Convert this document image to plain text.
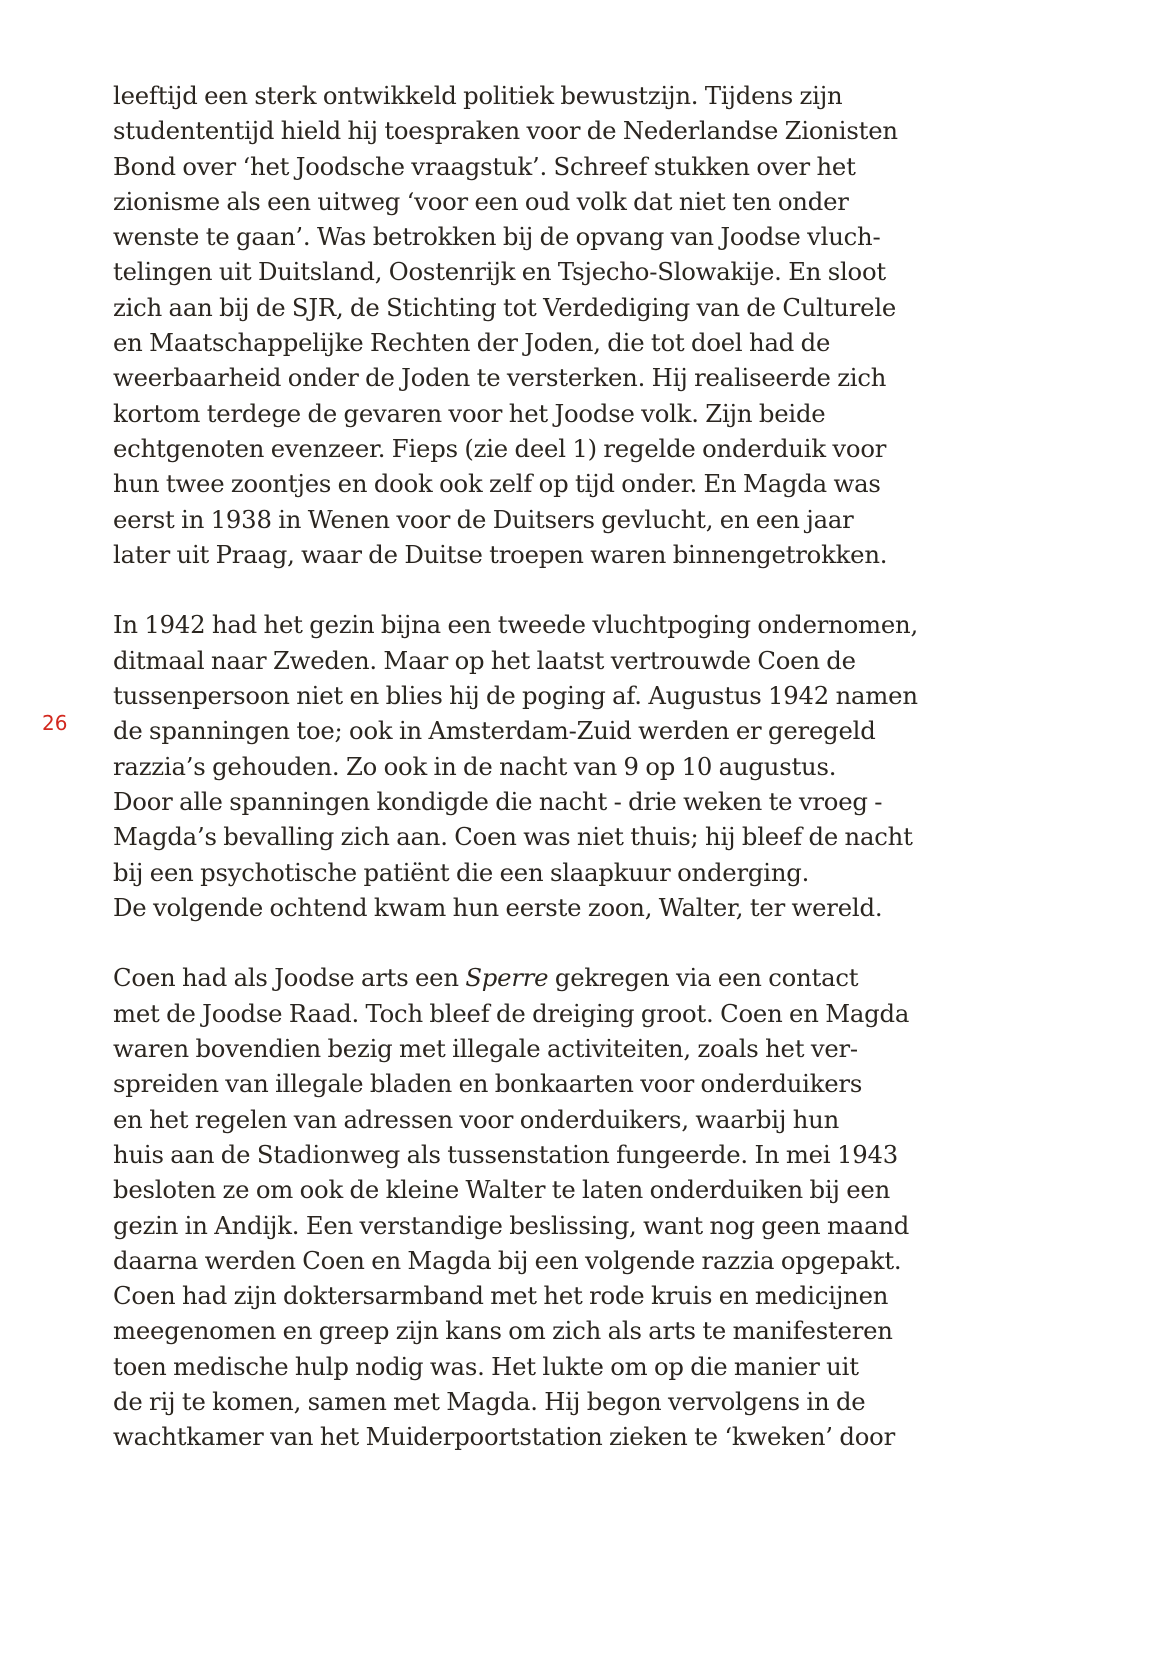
26
leeftijd een sterk ontwikkeld politiek bewustzijn. Tijdens zijn
studententijd hield hij toespraken voor de Nederlandse Zionisten
Bond over ‘het Joodsche vraagstuk’. Schreef stukken over het
zionisme als een uitweg ‘voor een oud volk dat niet ten onder
wenste te gaan’. Was betrokken bij de opvang van Joodse vluch-
telingen uit Duitsland, Oostenrijk en Tsjecho-Slowakije. En sloot
zich aan bij de SJR, de Stichting tot Verdediging van de Culturele
en Maatschappelijke Rechten der Joden, die tot doel had de
weerbaarheid onder de Joden te versterken. Hij realiseerde zich
kortom terdege de gevaren voor het Joodse volk. Zijn beide
echtgenoten evenzeer. Fieps (zie deel 1) regelde onderduik voor
hun twee zoontjes en dook ook zelf op tijd onder. En Magda was
eerst in 1938 in Wenen voor de Duitsers gevlucht, en een jaar
later uit Praag, waar de Duitse troepen waren binnengetrokken.
In 1942 had het gezin bijna een tweede vluchtpoging ondernomen,
ditmaal naar Zweden. Maar op het laatst vertrouwde Coen de
tussenpersoon niet en blies hij de poging af. Augustus 1942 namen
de spanningen toe; ook in Amsterdam-Zuid werden er geregeld
razzia’s gehouden. Zo ook in de nacht van 9 op 10 augustus.
Door alle spanningen kondigde die nacht - drie weken te vroeg -
Magda’s bevalling zich aan. Coen was niet thuis; hij bleef de nacht
bij een psychotische patiënt die een slaapkuur onderging.
De volgende ochtend kwam hun eerste zoon, Walter, ter wereld.
Coen had als Joodse arts een Sperre gekregen via een contact
met de Joodse Raad. Toch bleef de dreiging groot. Coen en Magda
waren bovendien bezig met illegale activiteiten, zoals het ver-
spreiden van illegale bladen en bonkaarten voor onderduikers
en het regelen van adressen voor onderduikers, waarbij hun
huis aan de Stadionweg als tussenstation fungeerde. In mei 1943
besloten ze om ook de kleine Walter te laten onderduiken bij een
gezin in Andijk. Een verstandige beslissing, want nog geen maand
daarna werden Coen en Magda bij een volgende razzia opgepakt.
Coen had zijn doktersarmband met het rode kruis en medicijnen
meegenomen en greep zijn kans om zich als arts te manifesteren
toen medische hulp nodig was. Het lukte om op die manier uit
de rij te komen, samen met Magda. Hij begon vervolgens in de
wachtkamer van het Muiderpoortstation zieken te ‘kweken’ door
